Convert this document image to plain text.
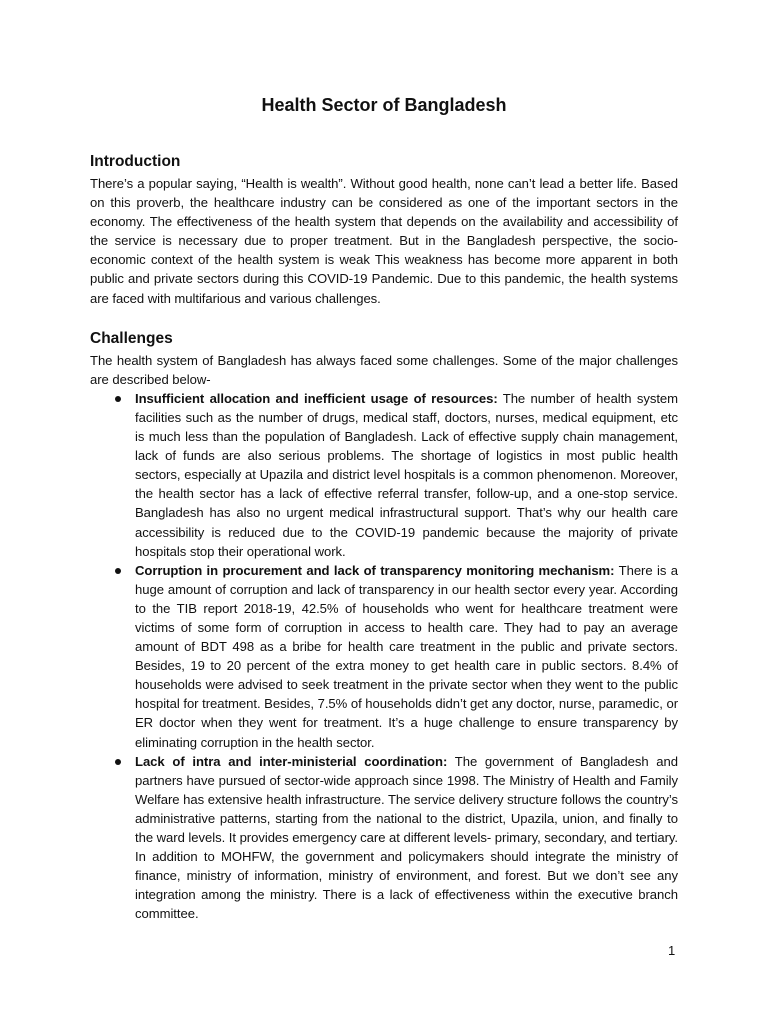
Health Sector of Bangladesh
Introduction

There’s a popular saying, “Health is wealth”. Without good health, none can’t lead a better life. Based on this proverb, the healthcare industry can be considered as one of the important sectors in the economy. The effectiveness of the health system that depends on the availability and accessibility of the service is necessary due to proper treatment. But in the Bangladesh perspective, the socio-economic context of the health system is weak This weakness has become more apparent in both public and private sectors during this COVID-19 Pandemic. Due to this pandemic, the health systems are faced with multifarious and various challenges.

Challenges

The health system of Bangladesh has always faced some challenges. Some of the major challenges are described below-

Insufficient allocation and inefficient usage of resources: The number of health system facilities such as the number of drugs, medical staff, doctors, nurses, medical equipment, etc is much less than the population of Bangladesh. Lack of effective supply chain management, lack of funds are also serious problems. The shortage of logistics in most public health sectors, especially at Upazila and district level hospitals is a common phenomenon. Moreover, the health sector has a lack of effective referral transfer, follow-up, and a one-stop service. Bangladesh has also no urgent medical infrastructural support. That’s why our health care accessibility is reduced due to the COVID-19 pandemic because the majority of private hospitals stop their operational work.
Corruption in procurement and lack of transparency monitoring mechanism: There is a huge amount of corruption and lack of transparency in our health sector every year. According to the TIB report 2018-19, 42.5% of households who went for healthcare treatment were victims of some form of corruption in access to health care. They had to pay an average amount of BDT 498 as a bribe for health care treatment in the public and private sectors. Besides, 19 to 20 percent of the extra money to get health care in public sectors. 8.4% of households were advised to seek treatment in the private sector when they went to the public hospital for treatment. Besides, 7.5% of households didn’t get any doctor, nurse, paramedic, or ER doctor when they went for treatment. It’s a huge challenge to ensure transparency by eliminating corruption in the health sector.
Lack of intra and inter-ministerial coordination: The government of Bangladesh and partners have pursued of sector-wide approach since 1998. The Ministry of Health and Family Welfare has extensive health infrastructure. The service delivery structure follows the country’s administrative patterns, starting from the national to the district, Upazila, union, and finally to the ward levels. It provides emergency care at different levels- primary, secondary, and tertiary. In addition to MOHFW, the government and policymakers should integrate the ministry of finance, ministry of information, ministry of environment, and forest. But we don’t see any integration among the ministry. There is a lack of effectiveness within the executive branch committee.
1
